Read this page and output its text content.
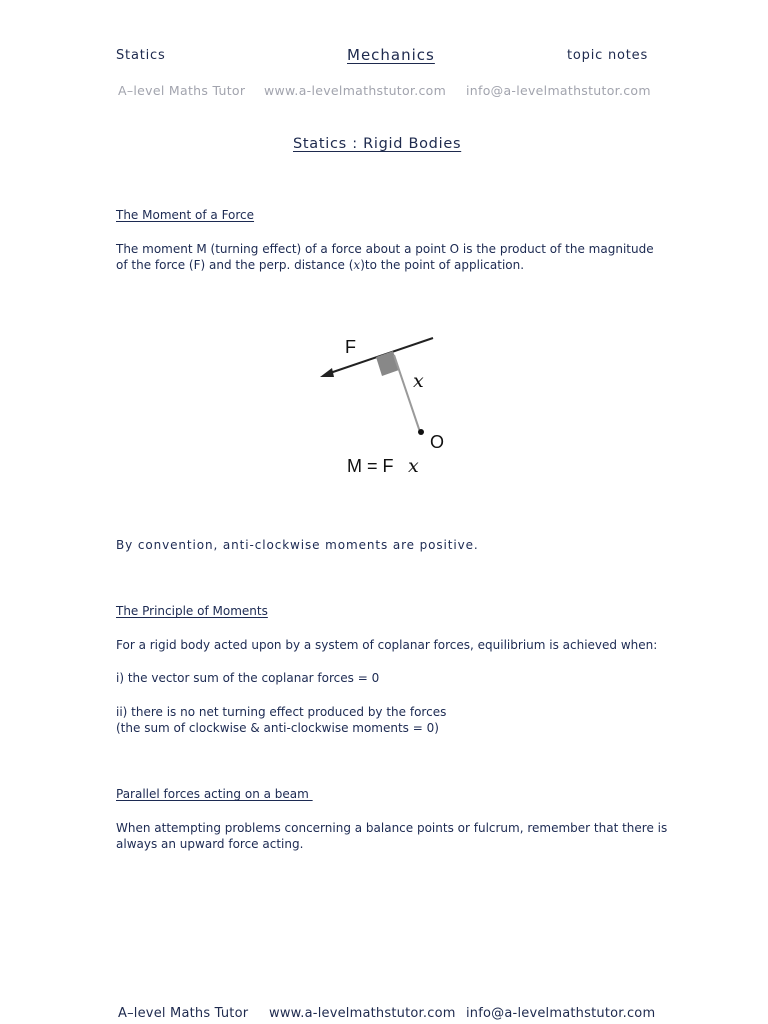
Statics	Mechanics	topic notes
A–level Maths Tutor www.a-levelmathstutor.com info@a-levelmathstutor.com
Statics : Rigid Bodies
The Moment of a Force
The moment M (turning effect) of a force about a point O is the product of the magnitude
of the force (F) and the perp. distance (x)to the point of application.
F
x
O
M = F x
By convention, anti-clockwise moments are positive.
The Principle of Moments
For a rigid body acted upon by a system of coplanar forces, equilibrium is achieved when:
i) the vector sum of the coplanar forces = 0
ii) there is no net turning effect produced by the forces
(the sum of clockwise & anti-clockwise moments = 0)
Parallel forces acting on a beam
When attempting problems concerning a balance points or fulcrum, remember that there is
always an upward force acting.
A–level Maths Tutor www.a-levelmathstutor.com info@a-levelmathstutor.com
